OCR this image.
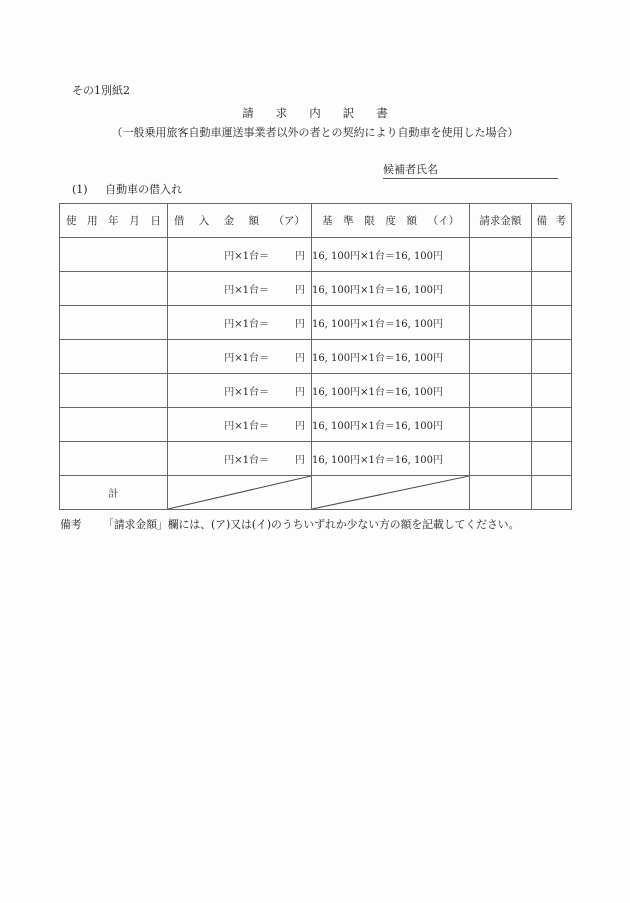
その1別紙2
請求内訳書
（一般乗用旅客自動車運送事業者以外の者との契約により自動車を使用した場合）
候補者氏名
(1) 自動車の借入れ
使 用 年 月 日	借 入 金 額 （ア）	基 準 限 度 額 （イ）	請求金額	備 考

	円×1台＝ 円	16, 100円×1台＝16, 100円		

	円×1台＝ 円	16, 100円×1台＝16, 100円		

	円×1台＝ 円	16, 100円×1台＝16, 100円		

	円×1台＝ 円	16, 100円×1台＝16, 100円		

	円×1台＝ 円	16, 100円×1台＝16, 100円		

	円×1台＝ 円	16, 100円×1台＝16, 100円		

	円×1台＝ 円	16, 100円×1台＝16, 100円		
計	

備考 「請求金額」欄には、(ア)又は(イ)のうちいずれか少ない方の額を記載してください。
